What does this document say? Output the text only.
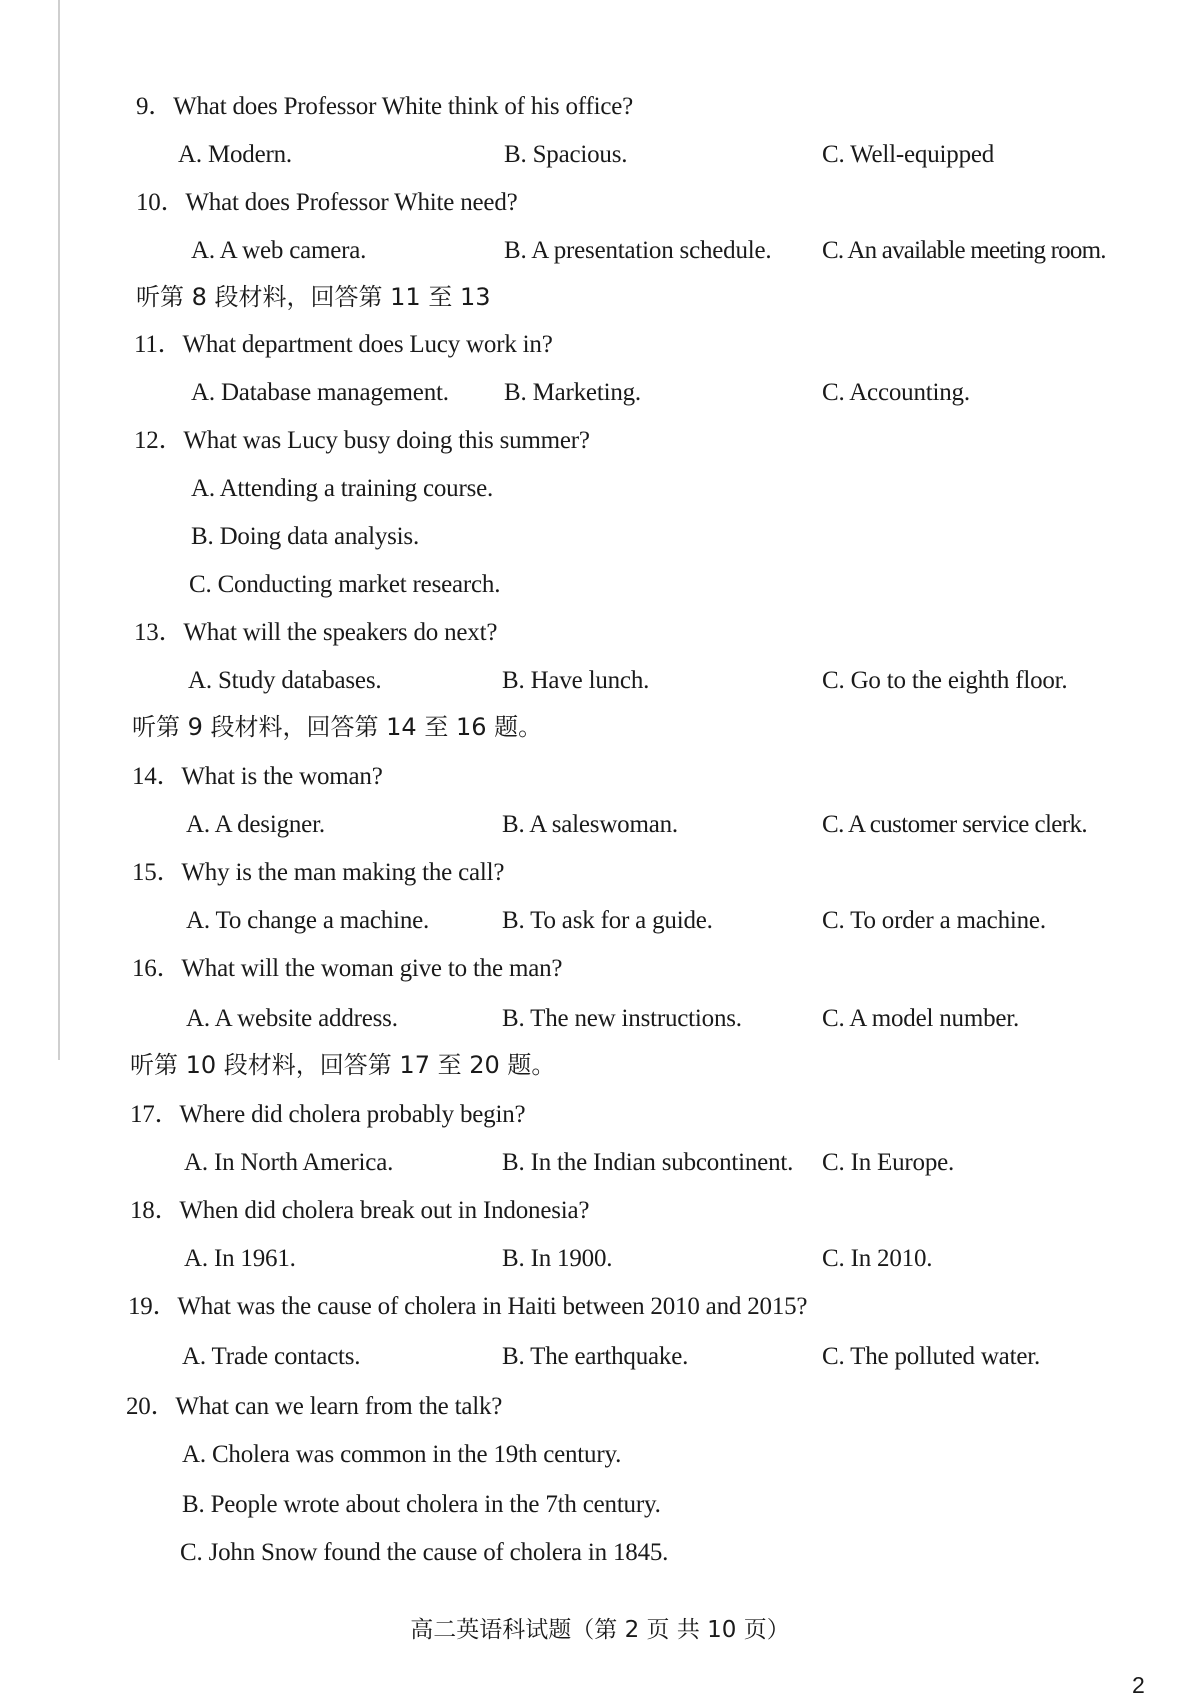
9．What does Professor White think of his office?
A. Modern.	B. Spacious.	C. Well-equipped
10．What does Professor White need?
A. A web camera.	B. A presentation schedule. C. An available meeting room.
听第 8 段材料，回答第 11 至 13
11．What department does Lucy work in?
A. Database management. B. Marketing.	C. Accounting.
12．What was Lucy busy doing this summer?
A. Attending a training course.
B. Doing data analysis.
C. Conducting market research.
13．What will the speakers do next?
A. Study databases.	B. Have lunch.	C. Go to the eighth floor.
听第 9 段材料，回答第 14 至 16 题。
14．What is the woman?
A. A designer.	B. A saleswoman.	C. A customer service clerk.
15．Why is the man making the call?
A. To change a machine.	B. To ask for a guide.	C. To order a machine.
16．What will the woman give to the man?
A. A website address.	B. The new instructions.	C. A model number.
听第 10 段材料，回答第 17 至 20 题。
17．Where did cholera probably begin?
A. In North America.	B. In the Indian subcontinent. C. In Europe.
18．When did cholera break out in Indonesia?
A. In 1961.	B. In 1900.	C. In 2010.
19．What was the cause of cholera in Haiti between 2010 and 2015?
A. Trade contacts.	B. The earthquake.	C. The polluted water.
20．What can we learn from the talk?
A. Cholera was common in the 19th century.
B. People wrote about cholera in the 7th century.
C. John Snow found the cause of cholera in 1845.
高二英语科试题（第 2 页 共 10 页）
2
